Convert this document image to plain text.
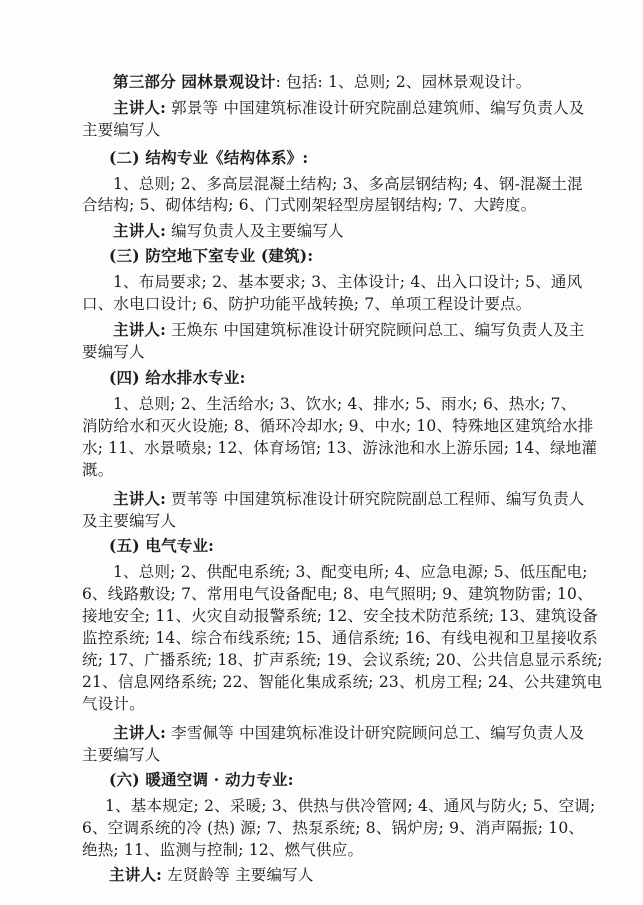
第三部分 园林景观设计: 包括: 1、总则; 2、园林景观设计。
主讲人: 郭景等 中国建筑标准设计研究院副总建筑师、编写负责人及
主要编写人
(二) 结构专业《结构体系》:
1、总则; 2、多高层混凝土结构; 3、多高层钢结构; 4、钢-混凝土混
合结构; 5、砌体结构; 6、门式刚架轻型房屋钢结构; 7、大跨度。
主讲人: 编写负责人及主要编写人
(三) 防空地下室专业 (建筑):
1、布局要求; 2、基本要求; 3、主体设计; 4、出入口设计; 5、通风
口、水电口设计; 6、防护功能平战转换; 7、单项工程设计要点。
主讲人: 王焕东 中国建筑标准设计研究院顾问总工、编写负责人及主
要编写人
(四) 给水排水专业:
1、总则; 2、生活给水; 3、饮水; 4、排水; 5、雨水; 6、热水; 7、
消防给水和灭火设施; 8、循环冷却水; 9、中水; 10、特殊地区建筑给水排
水; 11、水景喷泉; 12、体育场馆; 13、游泳池和水上游乐园; 14、绿地灌
溉。
主讲人: 贾苇等 中国建筑标准设计研究院院副总工程师、编写负责人
及主要编写人
(五) 电气专业:
1、总则; 2、供配电系统; 3、配变电所; 4、应急电源; 5、低压配电;
6、线路敷设; 7、常用电气设备配电; 8、电气照明; 9、建筑物防雷; 10、
接地安全; 11、火灾自动报警系统; 12、安全技术防范系统; 13、建筑设备
监控系统; 14、综合布线系统; 15、通信系统; 16、有线电视和卫星接收系
统; 17、广播系统; 18、扩声系统; 19、会议系统; 20、公共信息显示系统;
21、信息网络系统; 22、智能化集成系统; 23、机房工程; 24、公共建筑电
气设计。
主讲人: 李雪佩等 中国建筑标准设计研究院顾问总工、编写负责人及
主要编写人
(六) 暖通空调 · 动力专业:
1、基本规定; 2、采暖; 3、供热与供冷管网; 4、通风与防火; 5、空调;
6、空调系统的冷 (热) 源; 7、热泵系统; 8、锅炉房; 9、消声隔振; 10、
绝热; 11、监测与控制; 12、燃气供应。
主讲人: 左贤龄等 主要编写人
